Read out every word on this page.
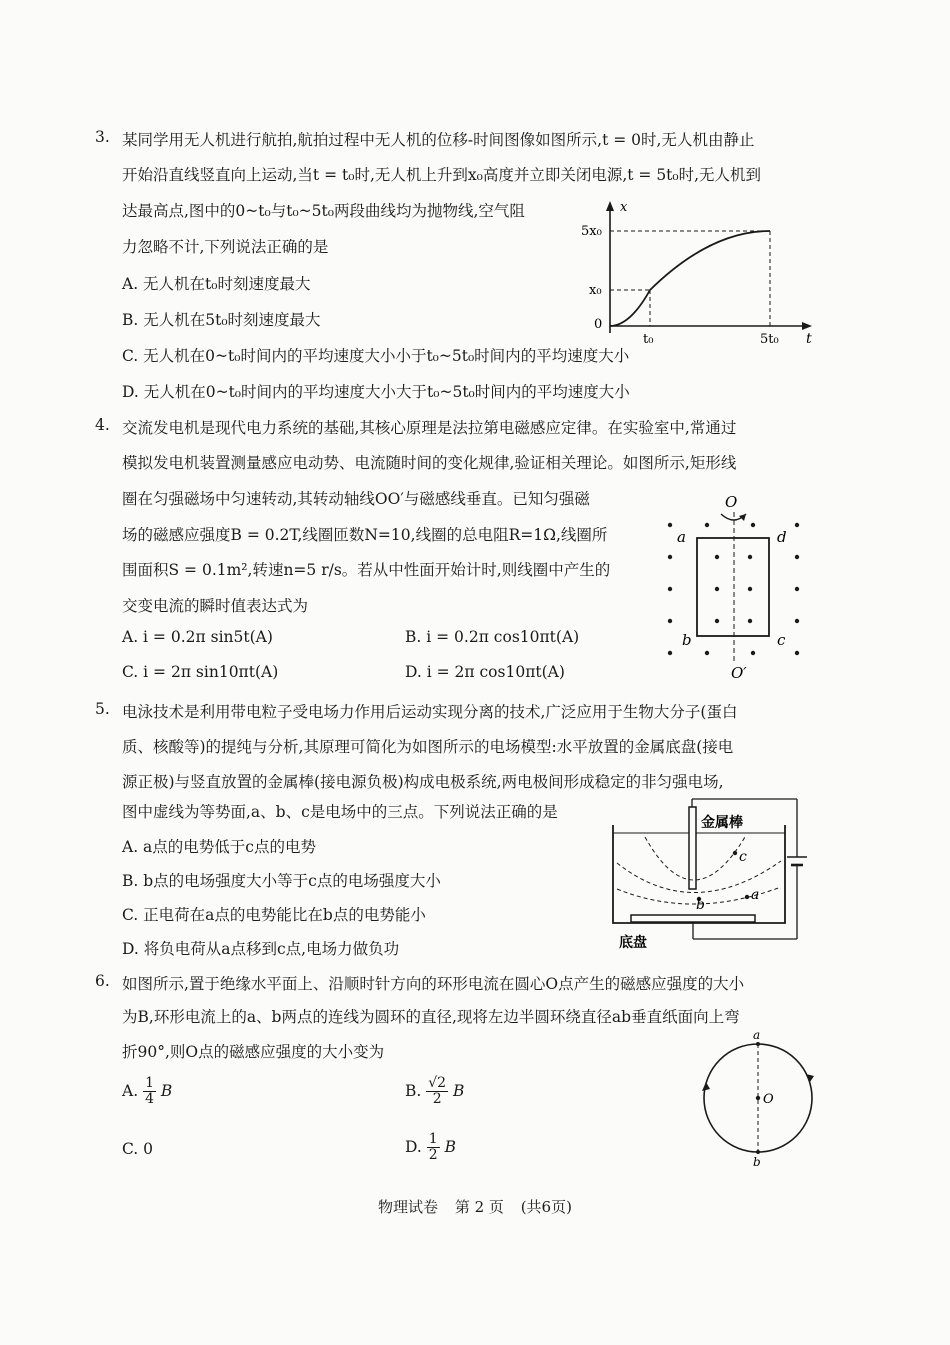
3. 某同学用无人机进行航拍,航拍过程中无人机的位移-时间图像如图所示,t = 0时,无人机由静止
开始沿直线竖直向上运动,当t = t₀时,无人机上升到x₀高度并立即关闭电源,t = 5t₀时,无人机到
达最高点,图中的0~t₀与t₀~5t₀两段曲线均为抛物线,空气阻
力忽略不计,下列说法正确的是
A. 无人机在t₀时刻速度最大
B. 无人机在5t₀时刻速度最大
C. 无人机在0~t₀时间内的平均速度大小小于t₀~5t₀时间内的平均速度大小
D. 无人机在0~t₀时间内的平均速度大小大于t₀~5t₀时间内的平均速度大小
x
t
5x₀
x₀
0
t₀	5t₀
4. 交流发电机是现代电力系统的基础,其核心原理是法拉第电磁感应定律。在实验室中,常通过
模拟发电机装置测量感应电动势、电流随时间的变化规律,验证相关理论。如图所示,矩形线
圈在匀强磁场中匀速转动,其转动轴线OO′与磁感线垂直。已知匀强磁
场的磁感应强度B = 0.2T,线圈匝数N=10,线圈的总电阻R=1Ω,线圈所
围面积S = 0.1m²,转速n=5 r/s。若从中性面开始计时,则线圈中产生的
交变电流的瞬时值表达式为
A. i = 0.2π sin5t(A)	B. i = 0.2π cos10πt(A)
C. i = 2π sin10πt(A)	D. i = 2π cos10πt(A)
O
O′
a	d
b	c
5. 电泳技术是利用带电粒子受电场力作用后运动实现分离的技术,广泛应用于生物大分子(蛋白
质、核酸等)的提纯与分析,其原理可简化为如图所示的电场模型:水平放置的金属底盘(接电
源正极)与竖直放置的金属棒(接电源负极)构成电极系统,两电极间形成稳定的非匀强电场,
图中虚线为等势面,a、b、c是电场中的三点。下列说法正确的是
A. a点的电势低于c点的电势
B. b点的电场强度大小等于c点的电场强度大小
C. 正电荷在a点的电势能比在b点的电势能小
D. 将负电荷从a点移到c点,电场力做负功
c
b
a
金属棒
底盘
6. 如图所示,置于绝缘水平面上、沿顺时针方向的环形电流在圆心O点产生的磁感应强度的大小
为B,环形电流上的a、b两点的连线为圆环的直径,现将左边半圆环绕直径ab垂直纸面向上弯
折90°,则O点的磁感应强度的大小变为
A. $\frac{1}{4}$ B	B. $\frac{√2}{2}$ B
C. 0	D. $\frac{1}{2}$ B
a
b
O
物理试卷 第 2 页 (共6页)
